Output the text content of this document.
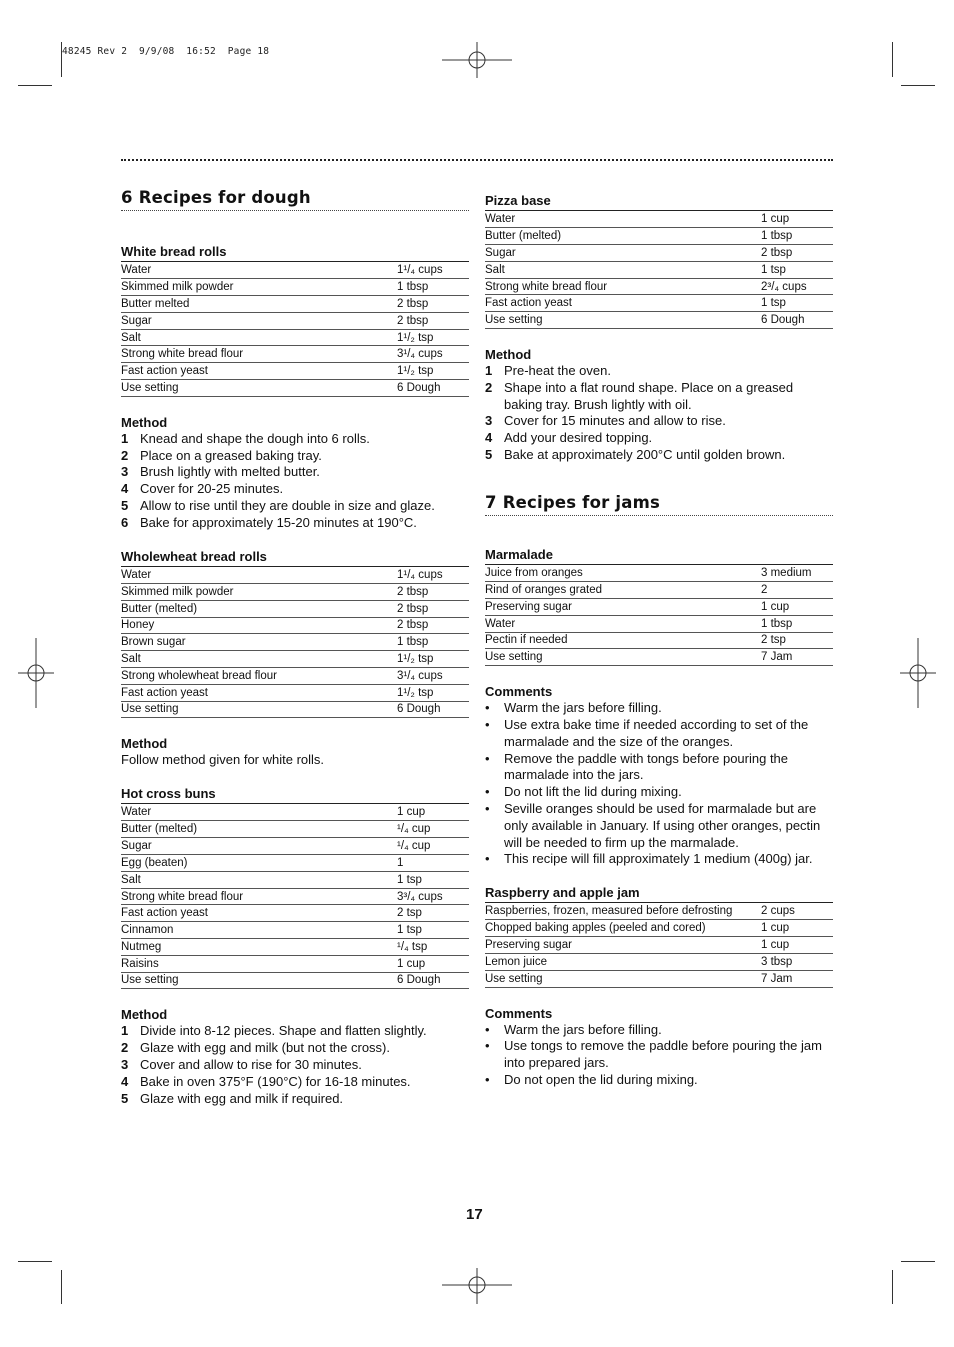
48245 Rev 2  9/9/08  16:52  Page 18
6 Recipes for dough
White bread rolls
Water	1¹/₄ cups
Skimmed milk powder	1 tbsp
Butter melted	2 tbsp
Sugar	2 tbsp
Salt	1¹/₂ tsp
Strong white bread flour	3¹/₄ cups
Fast action yeast	1¹/₂ tsp
Use setting	6 Dough
Method
1 Knead and shape the dough into 6 rolls.
2 Place on a greased baking tray.
3 Brush lightly with melted butter.
4 Cover for 20-25 minutes.
5 Allow to rise until they are double in size and glaze.
6 Bake for approximately 15-20 minutes at 190°C.
Wholewheat bread rolls
Water	1¹/₄ cups
Skimmed milk powder	2 tbsp
Butter (melted)	2 tbsp
Honey	2 tbsp
Brown sugar	1 tbsp
Salt	1¹/₂ tsp
Strong wholewheat bread flour	3¹/₄ cups
Fast action yeast	1¹/₂ tsp
Use setting	6 Dough
Method
Follow method given for white rolls.
Hot cross buns
Water	1 cup
Butter (melted)	¹/₄ cup
Sugar	¹/₄ cup
Egg (beaten)	1
Salt	1 tsp
Strong white bread flour	3³/₄ cups
Fast action yeast	2 tsp
Cinnamon	1 tsp
Nutmeg	¹/₄ tsp
Raisins	1 cup
Use setting	6 Dough
Method
1 Divide into 8-12 pieces. Shape and flatten slightly.
2 Glaze with egg and milk (but not the cross).
3 Cover and allow to rise for 30 minutes.
4 Bake in oven 375°F (190°C) for 16-18 minutes.
5 Glaze with egg and milk if required.
Pizza base
Water	1 cup
Butter (melted)	1 tbsp
Sugar	2 tbsp
Salt	1 tsp
Strong white bread flour	2³/₄ cups
Fast action yeast	1 tsp
Use setting	6 Dough
Method
1 Pre-heat the oven.
2 Shape into a flat round shape. Place on a greased baking tray. Brush lightly with oil.
3 Cover for 15 minutes and allow to rise.
4 Add your desired topping.
5 Bake at approximately 200°C until golden brown.
7 Recipes for jams
Marmalade
Juice from oranges	3 medium
Rind of oranges grated	2
Preserving sugar	1 cup
Water	1 tbsp
Pectin if needed	2 tsp
Use setting	7 Jam
Comments
•	Warm the jars before filling.
•	Use extra bake time if needed according to set of the marmalade and the size of the oranges.
•	Remove the paddle with tongs before pouring the marmalade into the jars.
•	Do not lift the lid during mixing.
•	Seville oranges should be used for marmalade but are only available in January. If using other oranges, pectin will be needed to firm up the marmalade.
•	This recipe will fill approximately 1 medium (400g) jar.
Raspberry and apple jam
Raspberries, frozen, measured before defrosting	2 cups
Chopped baking apples (peeled and cored)	1 cup
Preserving sugar	1 cup
Lemon juice	3 tbsp
Use setting	7 Jam
Comments
•	Warm the jars before filling.
•	Use tongs to remove the paddle before pouring the jam into prepared jars.
•	Do not open the lid during mixing.
17
